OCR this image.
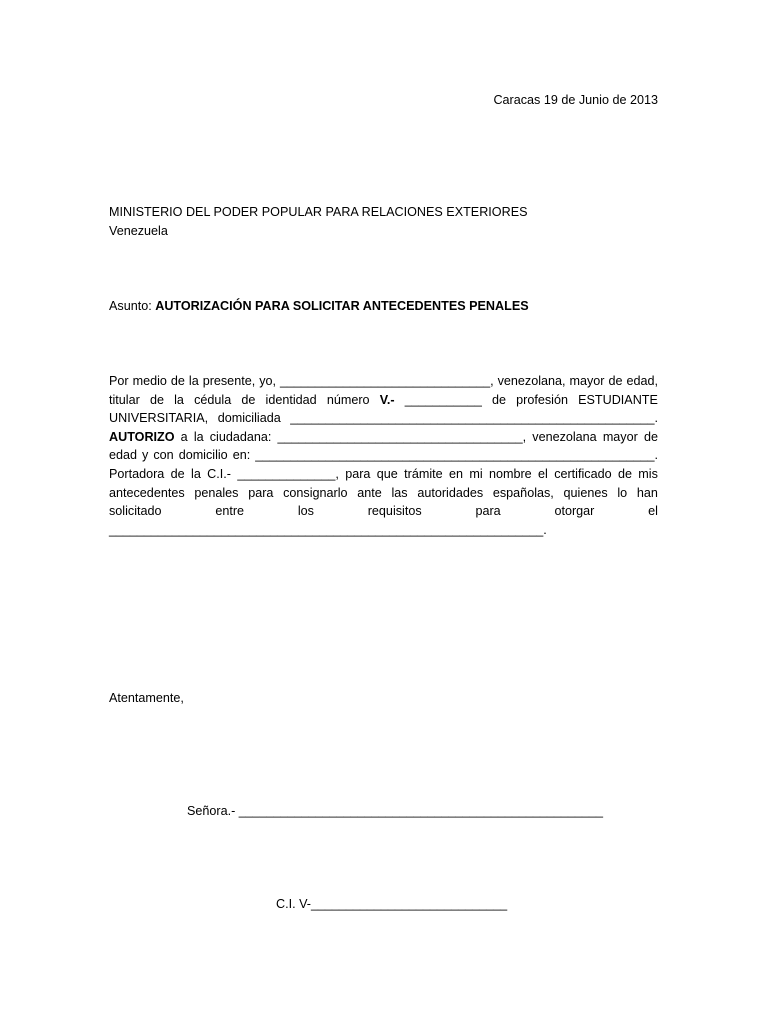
Caracas 19 de Junio de 2013
MINISTERIO DEL PODER POPULAR PARA RELACIONES EXTERIORES
Venezuela
Asunto: AUTORIZACIÓN PARA SOLICITAR ANTECEDENTES PENALES
Por medio de la presente, yo, ______________________________, venezolana, mayor de edad,
titular de la cédula de identidad número V.- ___________ de profesión ESTUDIANTE
UNIVERSITARIA, domiciliada ____________________________________________________.
AUTORIZO a la ciudadana: ___________________________________, venezolana mayor de
edad y con domicilio en: _________________________________________________________.
Portadora de la C.I.- ______________, para que trámite en mi nombre el certificado de mis
antecedentes penales para consignarlo ante las autoridades españolas, quienes lo han
solicitado	entre	los	requisitos	para	otorgar	el
______________________________________________________________.
Atentamente,
Señora.- ____________________________________________________
C.I. V-____________________________
